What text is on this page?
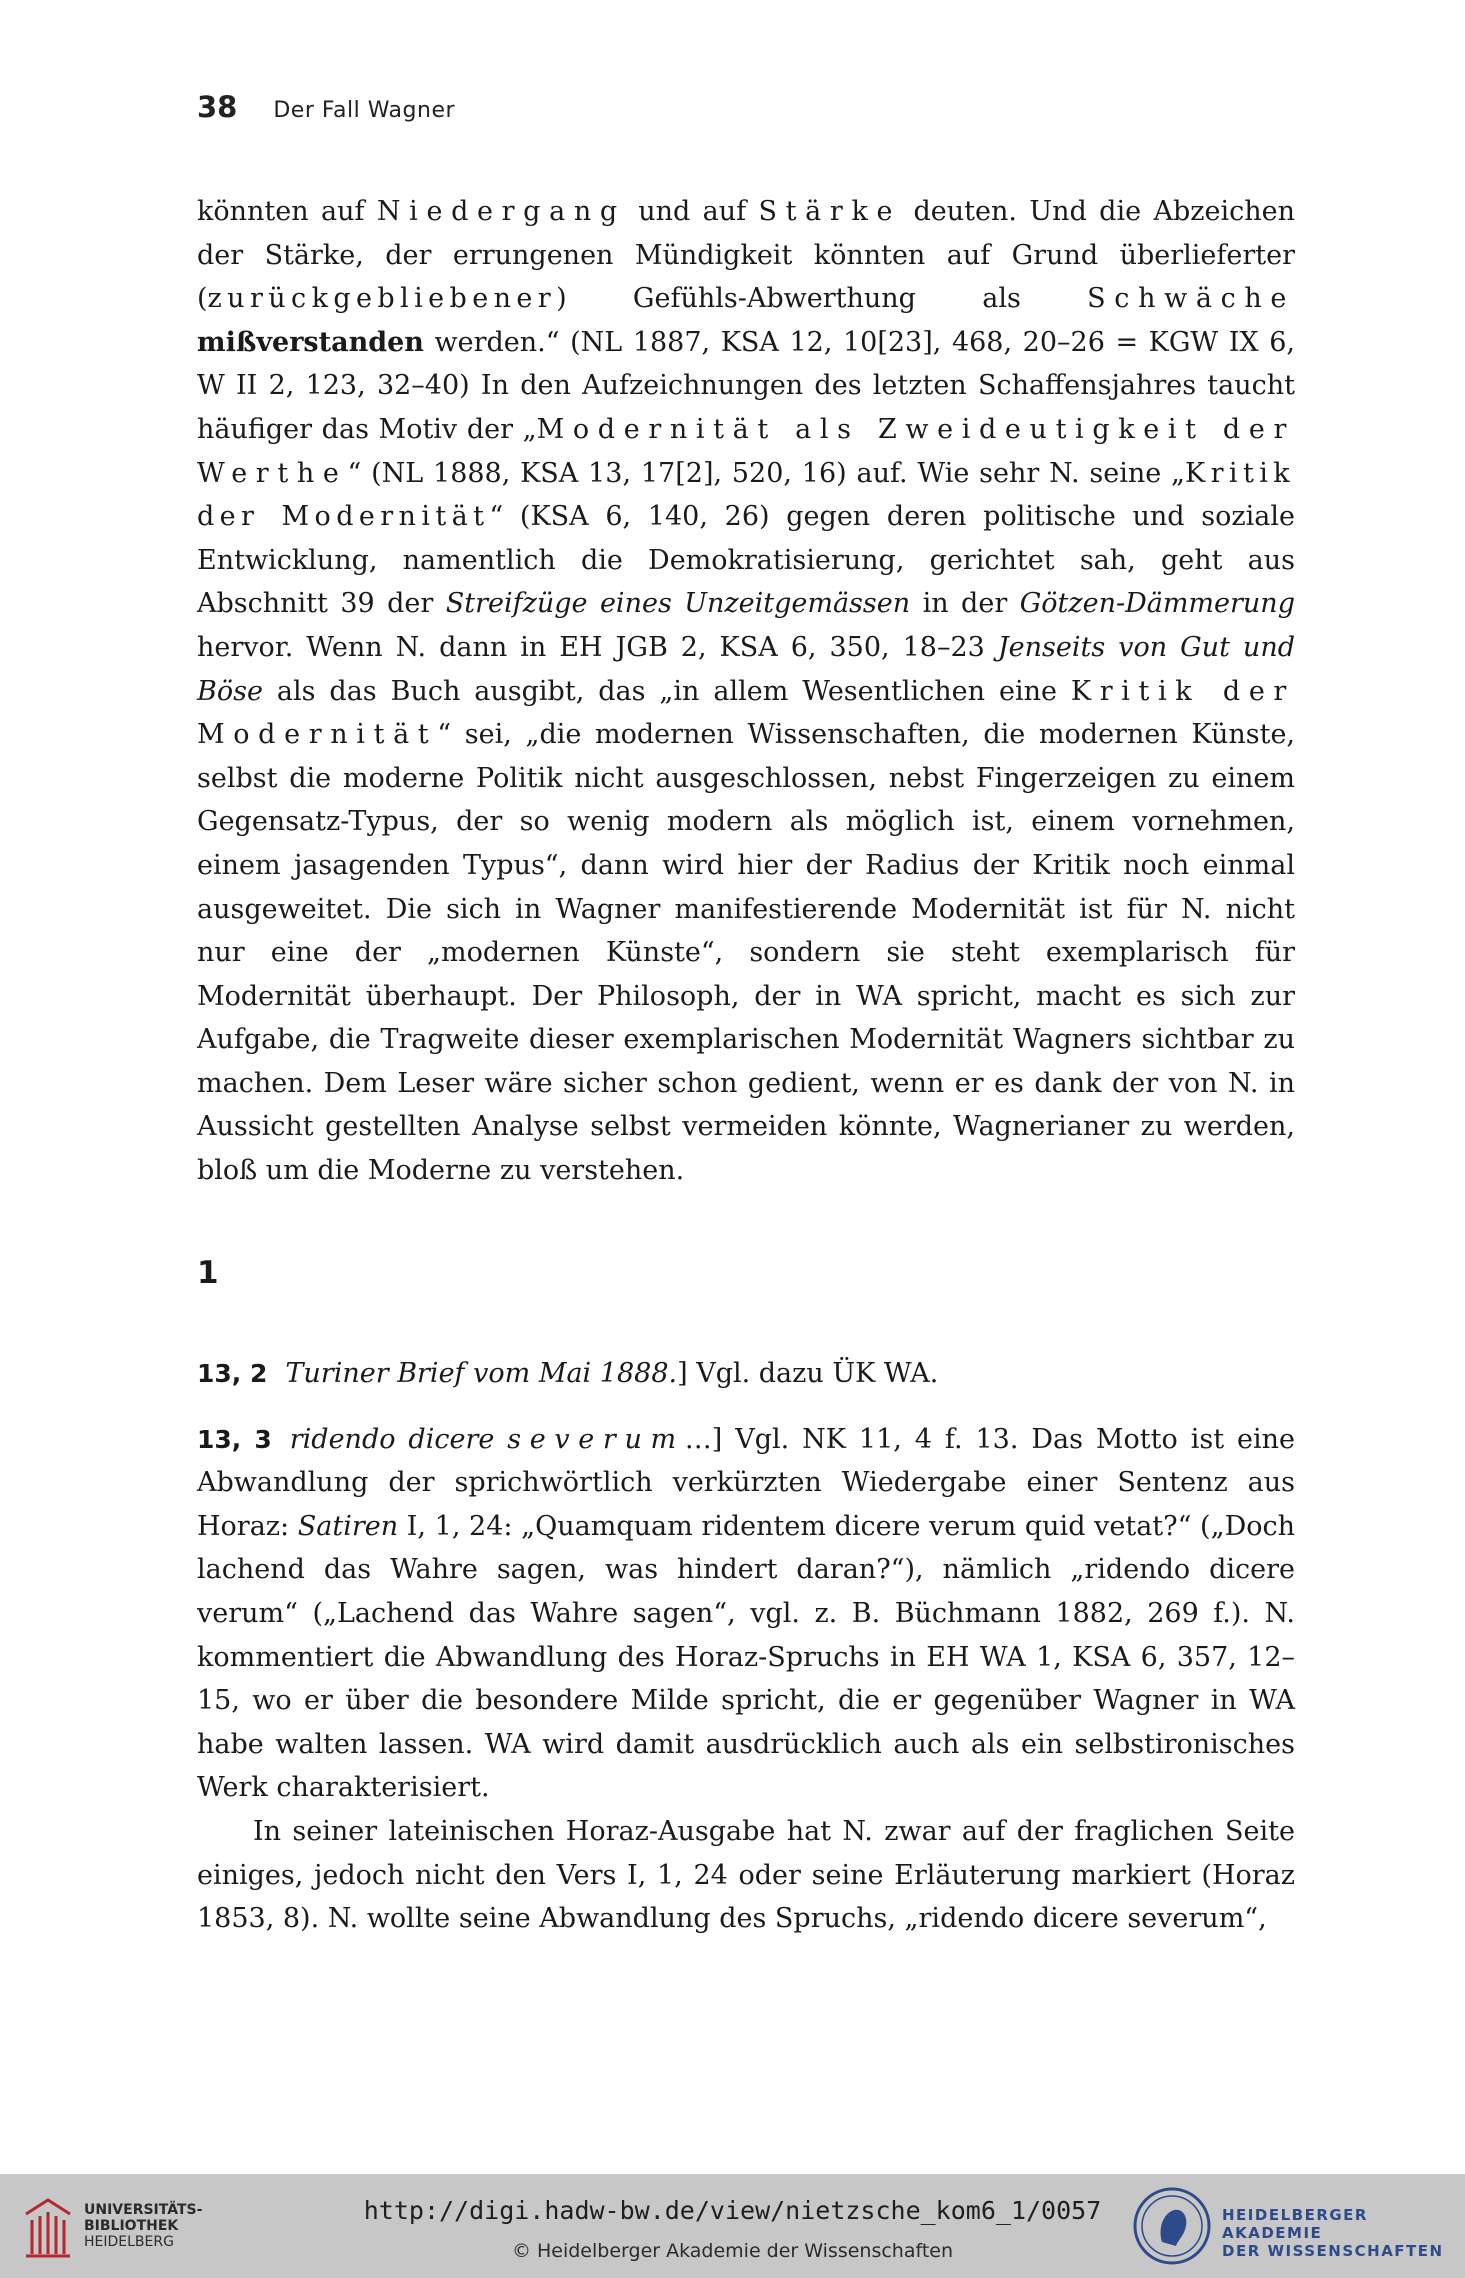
38 Der Fall Wagner

könnten auf Niedergang und auf Stärke deuten. Und die Abzeichen der Stärke, der errungenen Mündigkeit könnten auf Grund überlieferter (zurückgebliebener) Gefühls-Abwerthung als Schwäche mißverstanden werden.“ (NL 1887, KSA 12, 10[23], 468, 20–26 = KGW IX 6, W II 2, 123, 32–40) In den Aufzeichnungen des letzten Schaffensjahres taucht häufiger das Motiv der „Modernität als Zweideutigkeit der Werthe“ (NL 1888, KSA 13, 17[2], 520, 16) auf. Wie sehr N. seine „Kritik der Modernität“ (KSA 6, 140, 26) gegen deren politische und soziale Entwicklung, namentlich die Demokratisierung, gerichtet sah, geht aus Abschnitt 39 der Streifzüge eines Unzeitgemässen in der Götzen-Dämmerung hervor. Wenn N. dann in EH JGB 2, KSA 6, 350, 18–23 Jenseits von Gut und Böse als das Buch ausgibt, das „in allem Wesentlichen eine Kritik der Modernität“ sei, „die modernen Wissenschaften, die modernen Künste, selbst die moderne Politik nicht ausgeschlossen, nebst Fingerzeigen zu einem Gegensatz-Typus, der so wenig modern als möglich ist, einem vornehmen, einem jasagenden Typus“, dann wird hier der Radius der Kritik noch einmal ausgeweitet. Die sich in Wagner manifestierende Modernität ist für N. nicht nur eine der „modernen Künste“, sondern sie steht exemplarisch für Modernität überhaupt. Der Philosoph, der in WA spricht, macht es sich zur Aufgabe, die Tragweite dieser exemplarischen Modernität Wagners sichtbar zu machen. Dem Leser wäre sicher schon gedient, wenn er es dank der von N. in Aussicht gestellten Analyse selbst vermeiden könnte, Wagnerianer zu werden, bloß um die Moderne zu verstehen.

1

13, 2 Turiner Brief vom Mai 1888.] Vgl. dazu ÜK WA.

13, 3 ridendo dicere severum…] Vgl. NK 11, 4 f. 13. Das Motto ist eine Abwandlung der sprichwörtlich verkürzten Wiedergabe einer Sentenz aus Horaz: Satiren I, 1, 24: „Quamquam ridentem dicere verum quid vetat?“ („Doch lachend das Wahre sagen, was hindert daran?“), nämlich „ridendo dicere verum“ („Lachend das Wahre sagen“, vgl. z. B. Büchmann 1882, 269 f.). N. kommentiert die Abwandlung des Horaz-Spruchs in EH WA 1, KSA 6, 357, 12–15, wo er über die besondere Milde spricht, die er gegenüber Wagner in WA habe walten lassen. WA wird damit ausdrücklich auch als ein selbstironisches Werk charakterisiert.

In seiner lateinischen Horaz-Ausgabe hat N. zwar auf der fraglichen Seite einiges, jedoch nicht den Vers I, 1, 24 oder seine Erläuterung markiert (Horaz 1853, 8). N. wollte seine Abwandlung des Spruchs, „ridendo dicere severum“,

UNIVERSITÄTS-
BIBLIOTHEK
HEIDELBERG
http://digi.hadw-bw.de/view/nietzsche_kom6_1/0057
© Heidelberger Akademie der Wissenschaften
HEIDELBERGER AKADEMIE
DER WISSENSCHAFTEN
